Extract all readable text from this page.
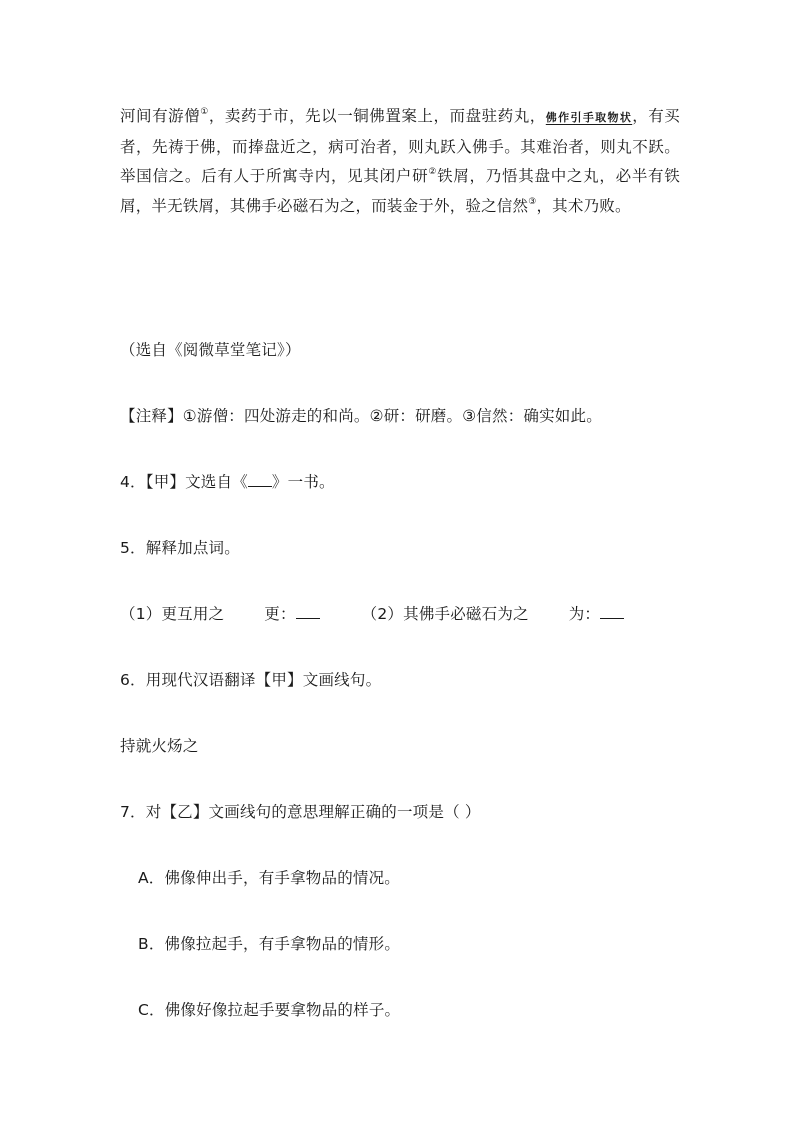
河间有游僧①，卖药于市，先以一铜佛置案上，而盘驻药丸，佛作引手取物状，有买者，先祷于佛，而捧盘近之，病可治者，则丸跃入佛手。其难治者，则丸不跃。举国信之。后有人于所寓寺内，见其闭户研②铁屑，乃悟其盘中之丸，必半有铁屑，半无铁屑，其佛手必磁石为之，而装金于外，验之信然③，其术乃败。
（选自《阅微草堂笔记》）
【注释】①游僧：四处游走的和尚。②研：研磨。③信然：确实如此。
4．【甲】文选自《 》一书。
5．解释加点词。
（1）更互用之	更：	（2）其佛手必磁石为之	为：
6．用现代汉语翻译【甲】文画线句。
持就火炀之
7．对【乙】文画线句的意思理解正确的一项是（ ）
A．佛像伸出手，有手拿物品的情况。
B．佛像拉起手，有手拿物品的情形。
C．佛像好像拉起手要拿物品的样子。
